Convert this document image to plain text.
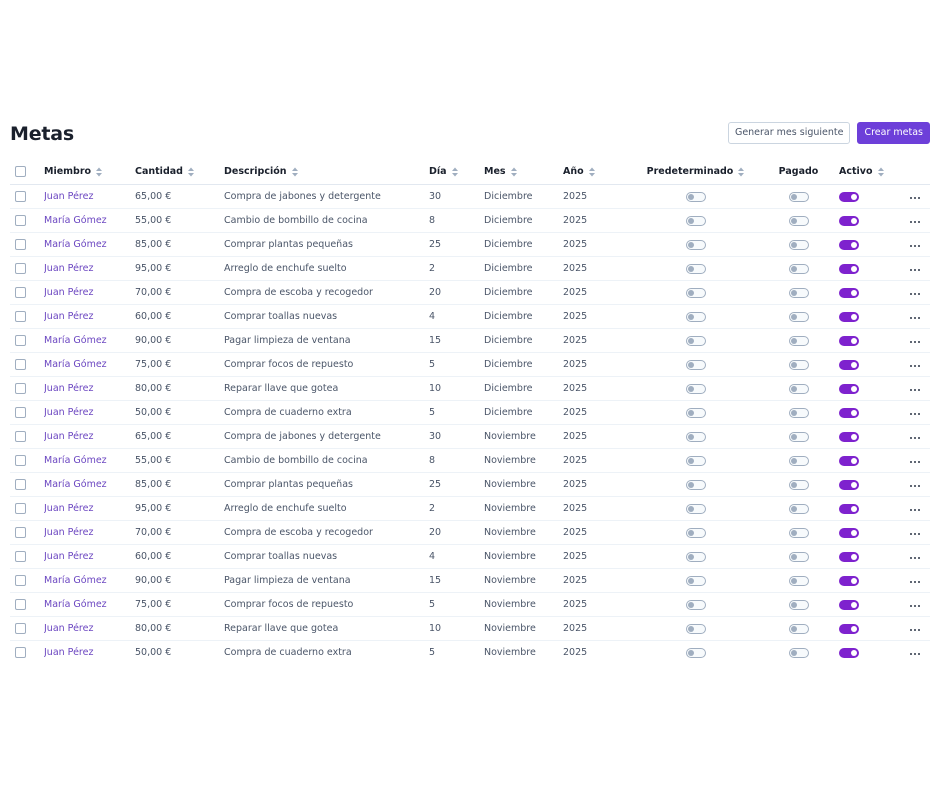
Metas	Generar mes siguiente	Crear metas
	Miembro	Cantidad	Descripción	Día	Mes	Año	Predeterminado	Pagado	Activo	
	Juan Pérez	65,00 €	Compra de jabones y detergente	30	Diciembre	2025	

	María Gómez	55,00 €	Cambio de bombillo de cocina	8	Diciembre	2025	

	María Gómez	85,00 €	Comprar plantas pequeñas	25	Diciembre	2025	

	Juan Pérez	95,00 €	Arreglo de enchufe suelto	2	Diciembre	2025	

	Juan Pérez	70,00 €	Compra de escoba y recogedor	20	Diciembre	2025	

	Juan Pérez	60,00 €	Comprar toallas nuevas	4	Diciembre	2025	

	María Gómez	90,00 €	Pagar limpieza de ventana	15	Diciembre	2025	

	María Gómez	75,00 €	Comprar focos de repuesto	5	Diciembre	2025	

	Juan Pérez	80,00 €	Reparar llave que gotea	10	Diciembre	2025	

	Juan Pérez	50,00 €	Compra de cuaderno extra	5	Diciembre	2025	

	Juan Pérez	65,00 €	Compra de jabones y detergente	30	Noviembre	2025	

	María Gómez	55,00 €	Cambio de bombillo de cocina	8	Noviembre	2025	

	María Gómez	85,00 €	Comprar plantas pequeñas	25	Noviembre	2025	

	Juan Pérez	95,00 €	Arreglo de enchufe suelto	2	Noviembre	2025	

	Juan Pérez	70,00 €	Compra de escoba y recogedor	20	Noviembre	2025	

	Juan Pérez	60,00 €	Comprar toallas nuevas	4	Noviembre	2025	

	María Gómez	90,00 €	Pagar limpieza de ventana	15	Noviembre	2025	

	María Gómez	75,00 €	Comprar focos de repuesto	5	Noviembre	2025	

	Juan Pérez	80,00 €	Reparar llave que gotea	10	Noviembre	2025	

	Juan Pérez	50,00 €	Compra de cuaderno extra	5	Noviembre	2025	
